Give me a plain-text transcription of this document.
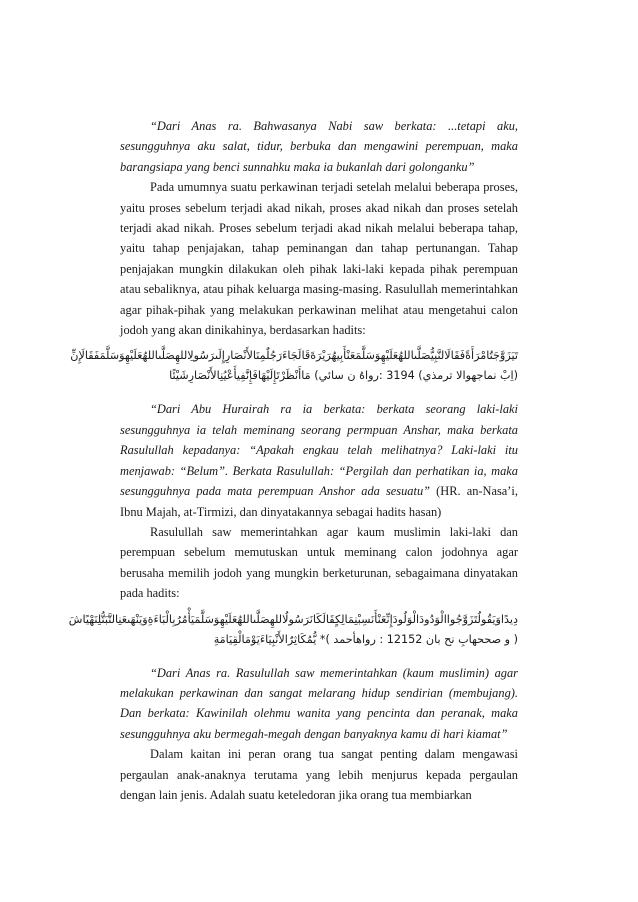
“Dari Anas ra. Bahwasanya Nabi saw berkata: ...tetapi aku, sesungguhnya aku salat, tidur, berbuka dan mengawini perempuan, maka barangsiapa yang benci sunnahku maka ia bukanlah dari golonganku”

Pada umumnya suatu perkawinan terjadi setelah melalui beberapa proses, yaitu proses sebelum terjadi akad nikah, proses akad nikah dan proses setelah terjadi akad nikah. Proses sebelum terjadi akad nikah melalui beberapa tahap, yaitu tahap penjajakan, tahap peminangan dan tahap pertunangan. Tahap penjajakan mungkin dilakukan oleh pihak laki-laki kepada pihak perempuan atau sebaliknya, atau pihak keluarga masing-masing. Rasulullah memerintahkan agar pihak-pihak yang melakukan perkawinan melihat atau mengetahui calon jodoh yang akan dinikahinya, berdasarkan hadits:

تَيَزَوَّجَتُامْرَأَةًفَقَالَالنَّبِيُّصَلَّىاللهُعَلَيْهِوَسَلَّمَعَنْأَبِيهُرَيْرَةَقَالَجَاءَرَجُلٌمِنَالأَنْصَارِإِلَىرَسُولِاللهِصَلَّىاللهُعَلَيْهِوَسَلَّمَفَقَالَإِنِّ
(اِبْ نماجهوالا ترمذي) 3194 :رواهُ ن سائي) مَاأَنْظَرْتَإِلَيْهَافَإِنَّفِيأَعْيُنِالأَنْصَارِشَيْئًا

“Dari Abu Hurairah ra ia berkata: berkata seorang laki-laki sesungguhnya ia telah meminang seorang permpuan Anshar, maka berkata Rasulullah kepadanya: “Apakah engkau telah melihatnya? Laki-laki itu menjawab: “Belum”. Berkata Rasulullah: “Pergilah dan perhatikan ia, maka sesungguhnya pada mata perempuan Anshor ada sesuatu” (HR. an-Nasa’i, Ibnu Majah, at-Tirmizi, dan dinyatakannya sebagai hadits hasan)

Rasulullah saw memerintahkan agar kaum muslimin laki-laki dan perempuan sebelum memutuskan untuk meminang calon jodohnya agar berusaha memilih jodoh yang mungkin berketurunan, sebagaimana dinyatakan pada hadits:

دِيدًاوَيَقُولُتَزَوَّجُواالْوَدُودَالْوَلُودَإِنِّعَنْأَنَسِبْنِمَالِكٍقَالَكَانَرَسُولُاللهِصَلَّىاللهُعَلَيْهِوَسَلَّمَيَأْمُرُبِالْبَاءَةِوَيَنْهَىعَنِالتَّبَتُّلِنَهْيًاشَ
( و صححهابِ نح بان 12152 : رواهأحمد )* يُّمُكَاثِرٌالأَنْبِيَاءَيَوْمَالْقِيَامَةِ

“Dari Anas ra. Rasulullah saw memerintahkan (kaum muslimin) agar melakukan perkawinan dan sangat melarang hidup sendirian (membujang). Dan berkata: Kawinilah olehmu wanita yang pencinta dan peranak, maka sesungguhnya aku bermegah-megah dengan banyaknya kamu di hari kiamat”

Dalam kaitan ini peran orang tua sangat penting dalam mengawasi pergaulan anak-anaknya terutama yang lebih menjurus kepada pergaulan dengan lain jenis. Adalah suatu keteledoran jika orang tua membiarkan
